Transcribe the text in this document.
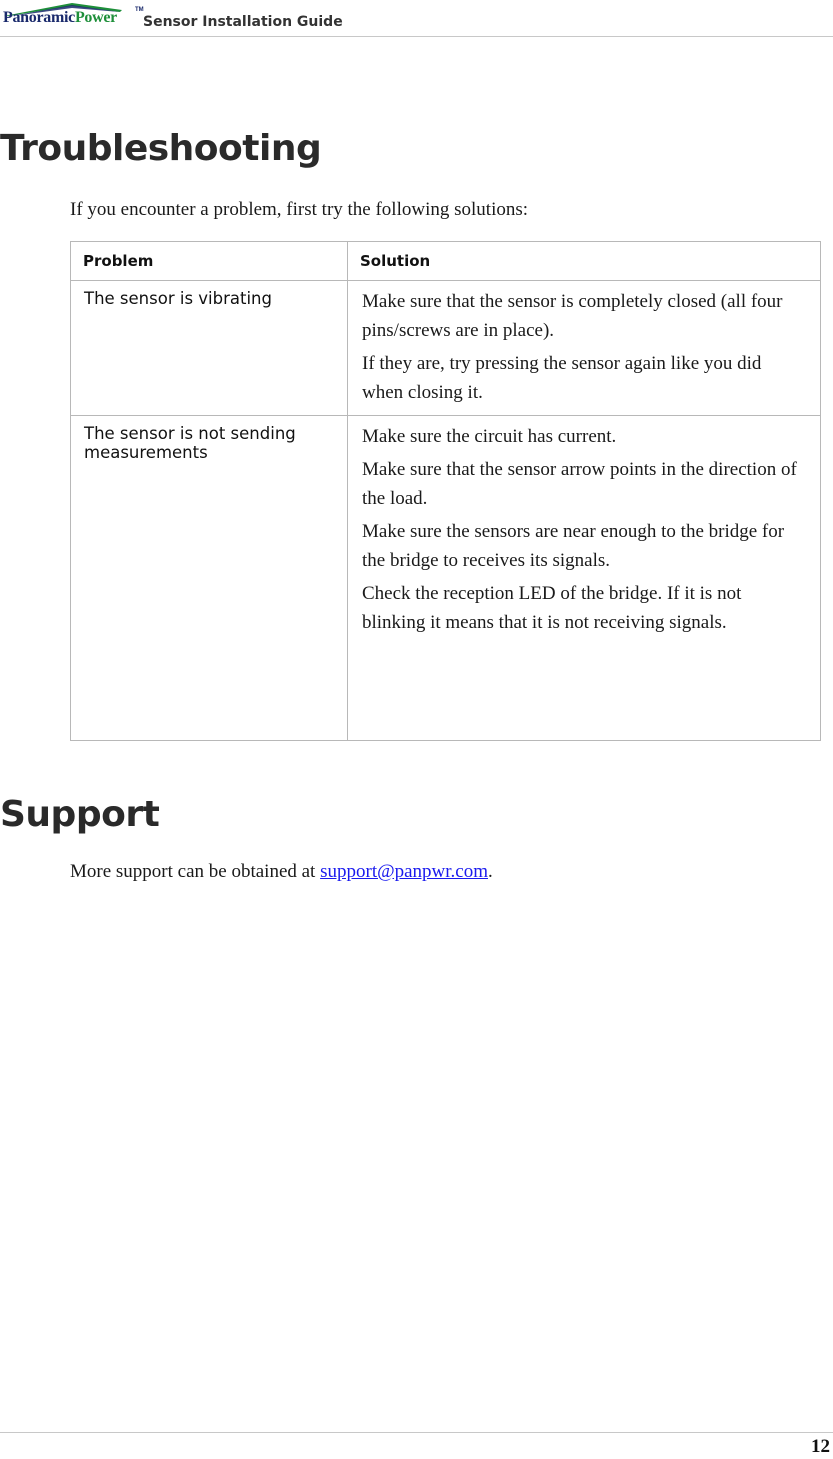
PanoramicPower	TM
Sensor Installation Guide
Troubleshooting

If you encounter a problem, first try the following solutions:

Problem	Solution
The sensor is vibrating	Make sure that the sensor is completely closed (all four pins/screws are in place).

If they are, try pressing the sensor again like you did when closing it.

The sensor is not sending measurements	Make sure the circuit has current.

Make sure that the sensor arrow points in the direction of the load.

Make sure the sensors are near enough to the bridge for the bridge to receives its signals.

Check the reception LED of the bridge. If it is not blinking it means that it is not receiving signals.

Support

More support can be obtained at support@panpwr.com.

12
